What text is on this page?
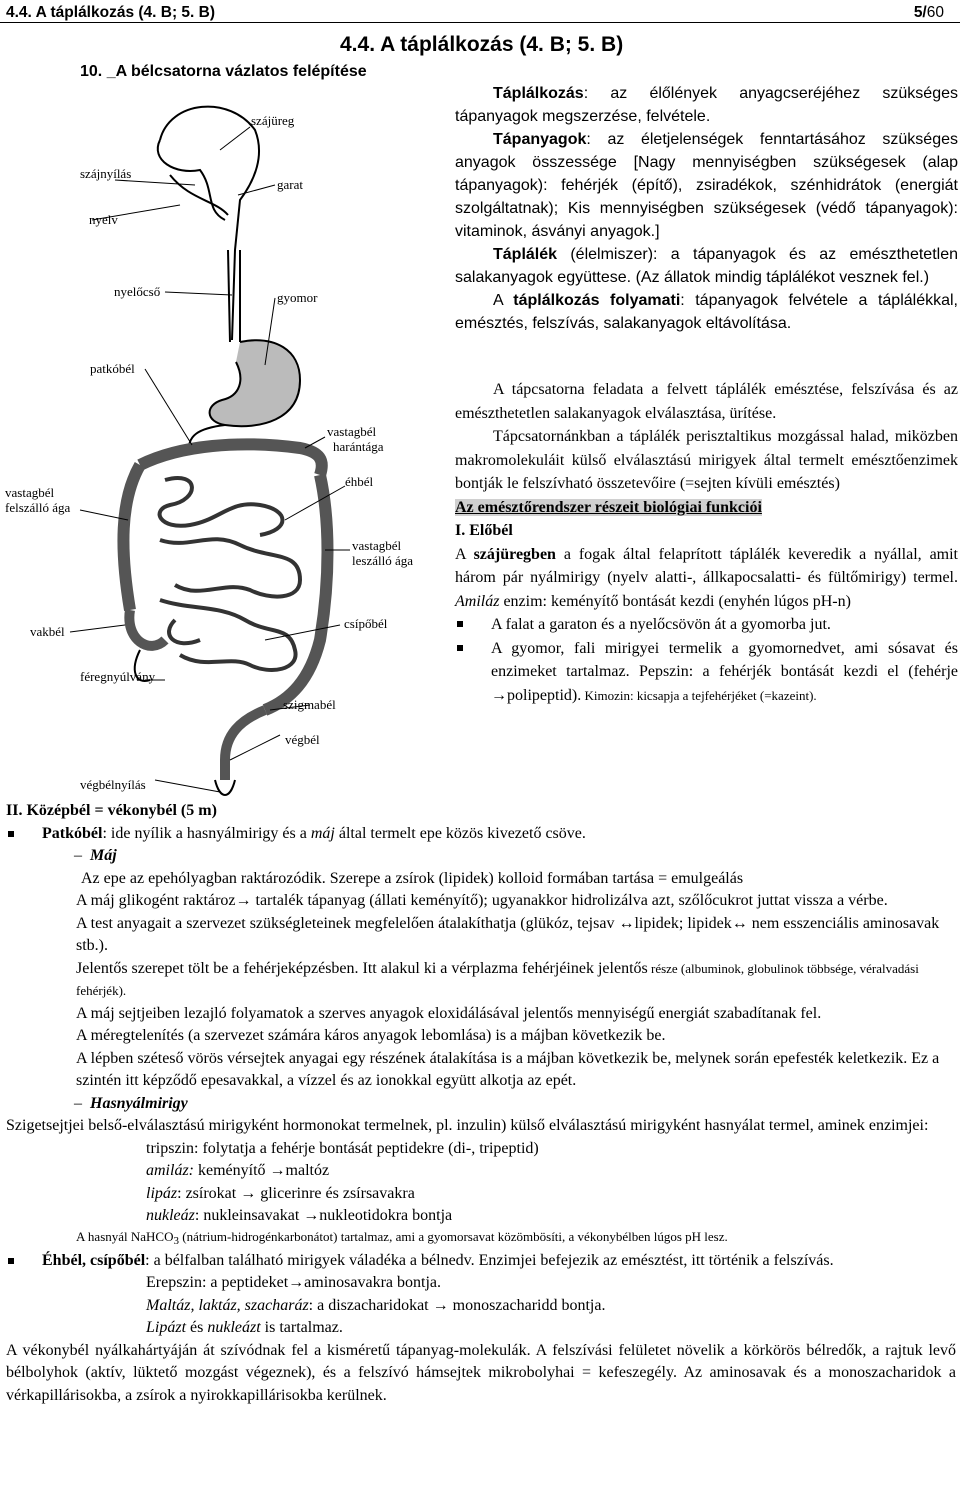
4.4. A táplálkozás (4. B; 5. B)	5/60
4.4. A táplálkozás (4. B; 5. B)
10. _A bélcsatorna vázlatos felépítése
szájüreg
szájnyílás
garat
nyelv
nyelőcső	gyomor
patkóbél
vastagbél
harántága
éhbél
vastagbél
felszálló ága
vastagbél
leszálló ága
csípőbél
vakbél
féregnyúlvány
szigmabél
végbél
végbélnyílás

Táplálkozás: az élőlények anyagcseréjéhez szükséges tápanyagok megszerzése, felvétele.

Tápanyagok: az életjelenségek fenntartásához szükséges anyagok összessége [Nagy mennyiségben szükségesek (alap tápanyagok): fehérjék (építő), zsiradékok, szénhidrátok (energiát szolgáltatnak); Kis mennyiségben szükségesek (védő tápanyagok): vitaminok, ásványi anyagok.]

Táplálék (élelmiszer): a tápanyagok és az emészthetetlen salakanyagok együttese. (Az állatok mindig táplálékot vesznek fel.)

A táplálkozás folyamati: tápanyagok felvétele a táplálékkal, emésztés, felszívás, salakanyagok eltávolítása.

A tápcsatorna feladata a felvett táplálék emésztése, felszívása és az emészthetetlen salakanyagok elválasztása, ürítése.

Tápcsatornánkban a táplálék perisztaltikus mozgással halad, miközben makromolekuláit külső elválasztású mirigyek által termelt emésztőenzimek bontják le felszívható összetevőire (=sejten kívüli emésztés)

Az emésztőrendszer részeit biológiai funkciói

I. Előbél

A szájüregben a fogak által felaprított táplálék keveredik a nyállal, amit három pár nyálmirigy (nyelv alatti-, állkapocsalatti- és fültőmirigy) termel. Amiláz enzim: keményítő bontását kezdi (enyhén lúgos pH-n)

A falat a garaton és a nyelőcsövön át a gyomorba jut.

A gyomor, fali mirigyei termelik a gyomornedvet, ami sósavat és enzimeket tartalmaz. Pepszin: a fehérjék bontását kezdi el (fehérje →polipeptid). Kimozin: kicsapja a tejfehérjéket (=kazeint).

II. Középbél = vékonybél (5 m)

Patkóbél: ide nyílik a hasnyálmirigy és a máj által termelt epe közös kivezető csöve.

–  Máj

Az epe az epehólyagban raktározódik. Szerepe a zsírok (lipidek) kolloid formában tartása = emulgeálás

A máj glikogént raktároz→ tartalék tápanyag (állati keményítő); ugyanakkor hidrolizálva azt, szőlőcukrot juttat vissza a vérbe.

A test anyagait a szervezet szükségleteinek megfelelően átalakíthatja (glükóz, tejsav ↔lipidek; lipidek↔ nem esszenciális aminosavak stb.).

Jelentős szerepet tölt be a fehérjeképzésben. Itt alakul ki a vérplazma fehérjéinek jelentős része (albuminok, globulinok többsége, véralvadási fehérjék).

A máj sejtjeiben lezajló folyamatok a szerves anyagok eloxidálásával jelentős mennyiségű energiát szabadítanak fel.

A méregtelenítés (a szervezet számára káros anyagok lebomlása) is a májban következik be.

A lépben széteső vörös vérsejtek anyagai egy részének átalakítása is a májban következik be, melynek során epefesték keletkezik. Ez a szintén itt képződő epesavakkal, a vízzel és az ionokkal együtt alkotja az epét.

–  Hasnyálmirigy

Szigetsejtjei belső-elválasztású mirigyként hormonokat termelnek, pl. inzulin) külső elválasztású mirigyként hasnyálat termel, aminek enzimjei:

tripszin: folytatja a fehérje bontását peptidekre (di-, tripeptid)

amiláz: keményítő →maltóz

lipáz: zsírokat → glicerinre és zsírsavakra

nukleáz: nukleinsavakat →nukleotidokra bontja

A hasnyál NaHCO$_3$ (nátrium-hidrogénkarbonátot) tartalmaz, ami a gyomorsavat közömbösíti, a vékonybélben lúgos pH lesz.

Éhbél, csípőbél: a bélfalban található mirigyek váladéka a bélnedv. Enzimjei befejezik az emésztést, itt történik a felszívás.

Erepszin: a peptideket→aminosavakra bontja.

Maltáz, laktáz, szacharáz: a diszacharidokat → monoszacharidd bontja.

Lipázt és nukleázt is tartalmaz.

A vékonybél nyálkahártyáján át szívódnak fel a kisméretű tápanyag-molekulák. A felszívási felületet növelik a körkörös bélredők, a rajtuk levő bélbolyhok (aktív, lüktető mozgást végeznek), és a felszívó hámsejtek mikrobolyhai = kefeszegély. Az aminosavak és a monoszacharidok a vérkapillárisokba, a zsírok a nyirokkapillárisokba kerülnek.
